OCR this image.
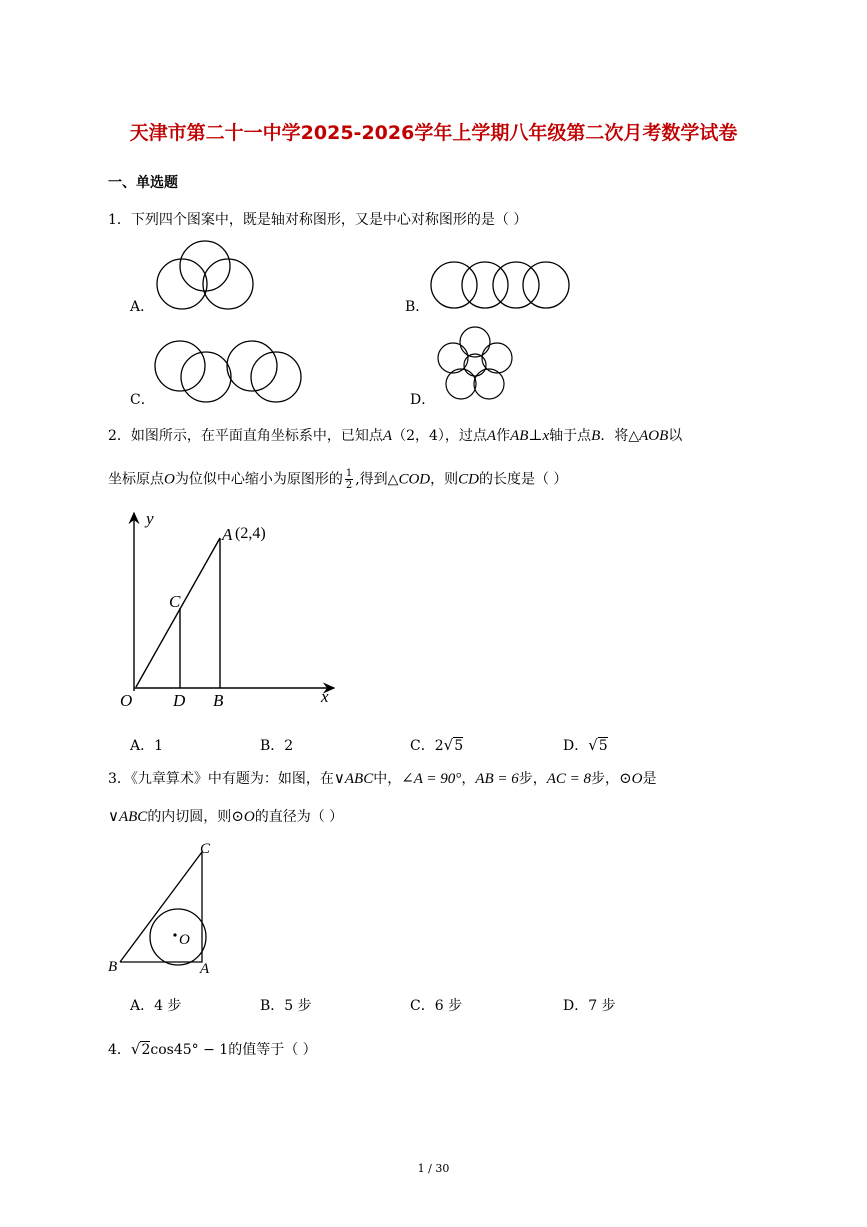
天津市第二十一中学2025-2026学年上学期八年级第二次月考数学试卷
一、单选题
1．下列四个图案中，既是轴对称图形，又是中心对称图形的是（ ）
A．	B．
C．	D．
2．如图所示，在平面直角坐标系中，已知点A（2，4），过点A作AB⊥x轴于点B．将△AOB以
坐标原点O为位似中心缩小为原图形的 $\frac{1}{2}$ ,得到△COD，则CD的长度是（ ）
y
x
O D B
C
A (2,4)
A．1	B．2	C．2√5	D．√5
3．《九章算术》中有题为：如图，在∨ABC中，∠A = 90°，AB = 6步，AC = 8步，⊙O是
∨ABC的内切圆，则⊙O的直径为（ ）
C
B	A
O
A．4 步	B．5 步	C．6 步	D．7 步
4．√2cos45° − 1的值等于（ ）
1 / 30
